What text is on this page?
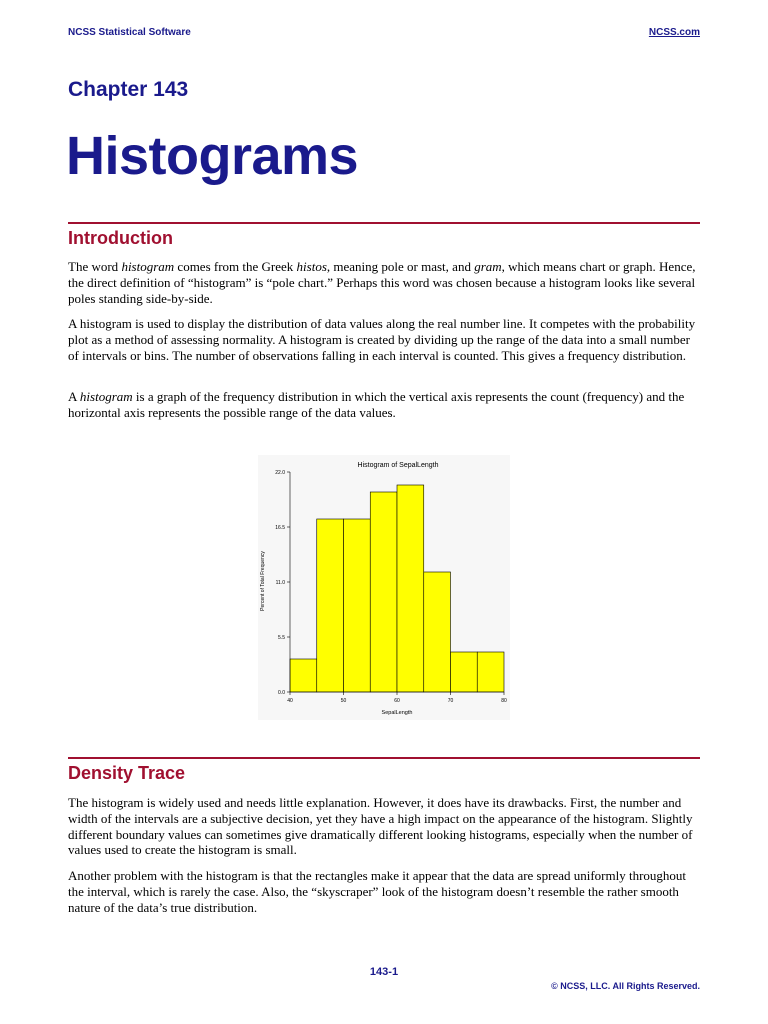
NCSS Statistical Software	NCSS.com
Chapter 143
Histograms
Introduction

The word histogram comes from the Greek histos, meaning pole or mast, and gram, which means chart or graph. Hence, the direct definition of “histogram” is “pole chart.” Perhaps this word was chosen because a histogram looks like several poles standing side-by-side.

A histogram is used to display the distribution of data values along the real number line. It competes with the probability plot as a method of assessing normality. A histogram is created by dividing up the range of the data into a small number of intervals or bins. The number of observations falling in each interval is counted. This gives a frequency distribution.

A histogram is a graph of the frequency distribution in which the vertical axis represents the count (frequency) and the horizontal axis represents the possible range of the data values.

Histogram of SepalLength
0.0
5.5
11.0
16.5
22.0
40	50	60	70	80
SepalLength
Percent of Total Frequency
Density Trace

The histogram is widely used and needs little explanation. However, it does have its drawbacks. First, the number and width of the intervals are a subjective decision, yet they have a high impact on the appearance of the histogram. Slightly different boundary values can sometimes give dramatically different looking histograms, especially when the number of values used to create the histogram is small.

Another problem with the histogram is that the rectangles make it appear that the data are spread uniformly throughout the interval, which is rarely the case. Also, the “skyscraper” look of the histogram doesn’t resemble the rather smooth nature of the data’s true distribution.

143-1
© NCSS, LLC. All Rights Reserved.
